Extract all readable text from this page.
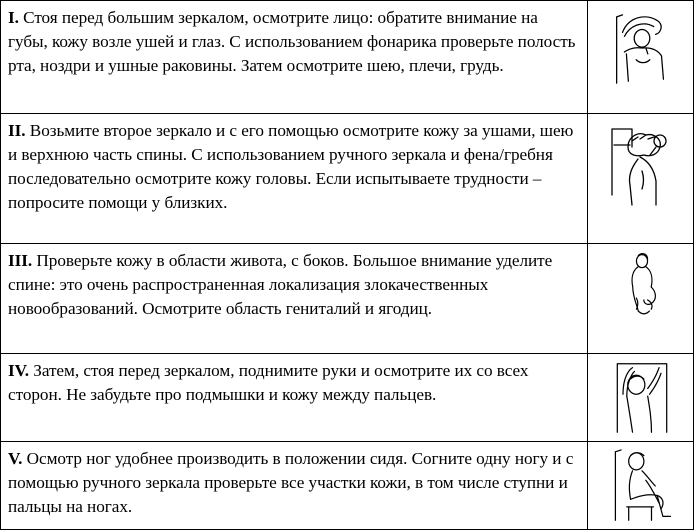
I. Стоя перед большим зеркалом, осмотрите лицо: обратите внимание на губы, кожу возле ушей и глаз. С использованием фонарика проверьте полость рта, ноздри и ушные раковины. Затем осмотрите шею, плечи, грудь.
II. Возьмите второе зеркало и с его помощью осмотрите кожу за ушами, шею и верхнюю часть спины. С использованием ручного зеркала и фена/гребня последовательно осмотрите кожу головы. Если испытываете трудности – попросите помощи у близких.
III. Проверьте кожу в области живота, с боков. Большое внимание уделите спине: это очень распространенная локализация злокачественных новообразований. Осмотрите область гениталий и ягодиц.
IV. Затем, стоя перед зеркалом, поднимите руки и осмотрите их со всех сторон. Не забудьте про подмышки и кожу между пальцев.
V. Осмотр ног удобнее производить в положении сидя. Согните одну ногу и с помощью ручного зеркала проверьте все участки кожи, в том числе ступни и пальцы на ногах.
